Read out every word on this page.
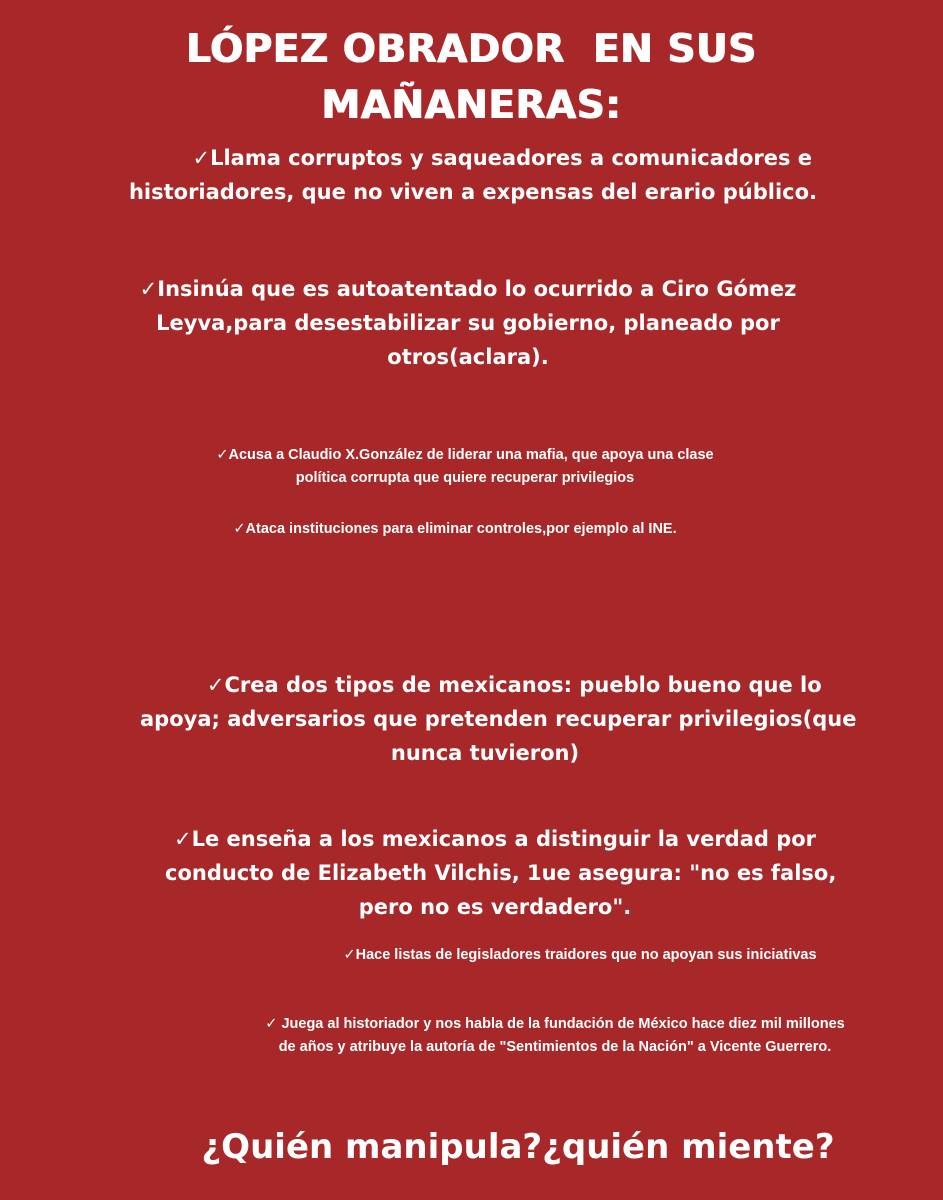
LÓPEZ OBRADOR  EN SUS
MAÑANERAS:
✓Llama corruptos y saqueadores a comunicadores e
historiadores, que no viven a expensas del erario público.
✓Insinúa que es autoatentado lo ocurrido a Ciro Gómez
Leyva,para desestabilizar su gobierno, planeado por
otros(aclara).
✓Acusa a Claudio X.González de liderar una mafia, que apoya una clase
política corrupta que quiere recuperar privilegios
✓Ataca instituciones para eliminar controles,por ejemplo al INE.
✓Crea dos tipos de mexicanos: pueblo bueno que lo
apoya; adversarios que pretenden recuperar privilegios(que
nunca tuvieron)
✓Le enseña a los mexicanos a distinguir la verdad por
conducto de Elizabeth Vilchis, 1ue asegura: "no es falso,
pero no es verdadero".
✓Hace listas de legisladores traidores que no apoyan sus iniciativas
✓ Juega al historiador y nos habla de la fundación de México hace diez mil millones
de años y atribuye la autoría de "Sentimientos de la Nación" a Vicente Guerrero.
¿Quién manipula?¿quién miente?
